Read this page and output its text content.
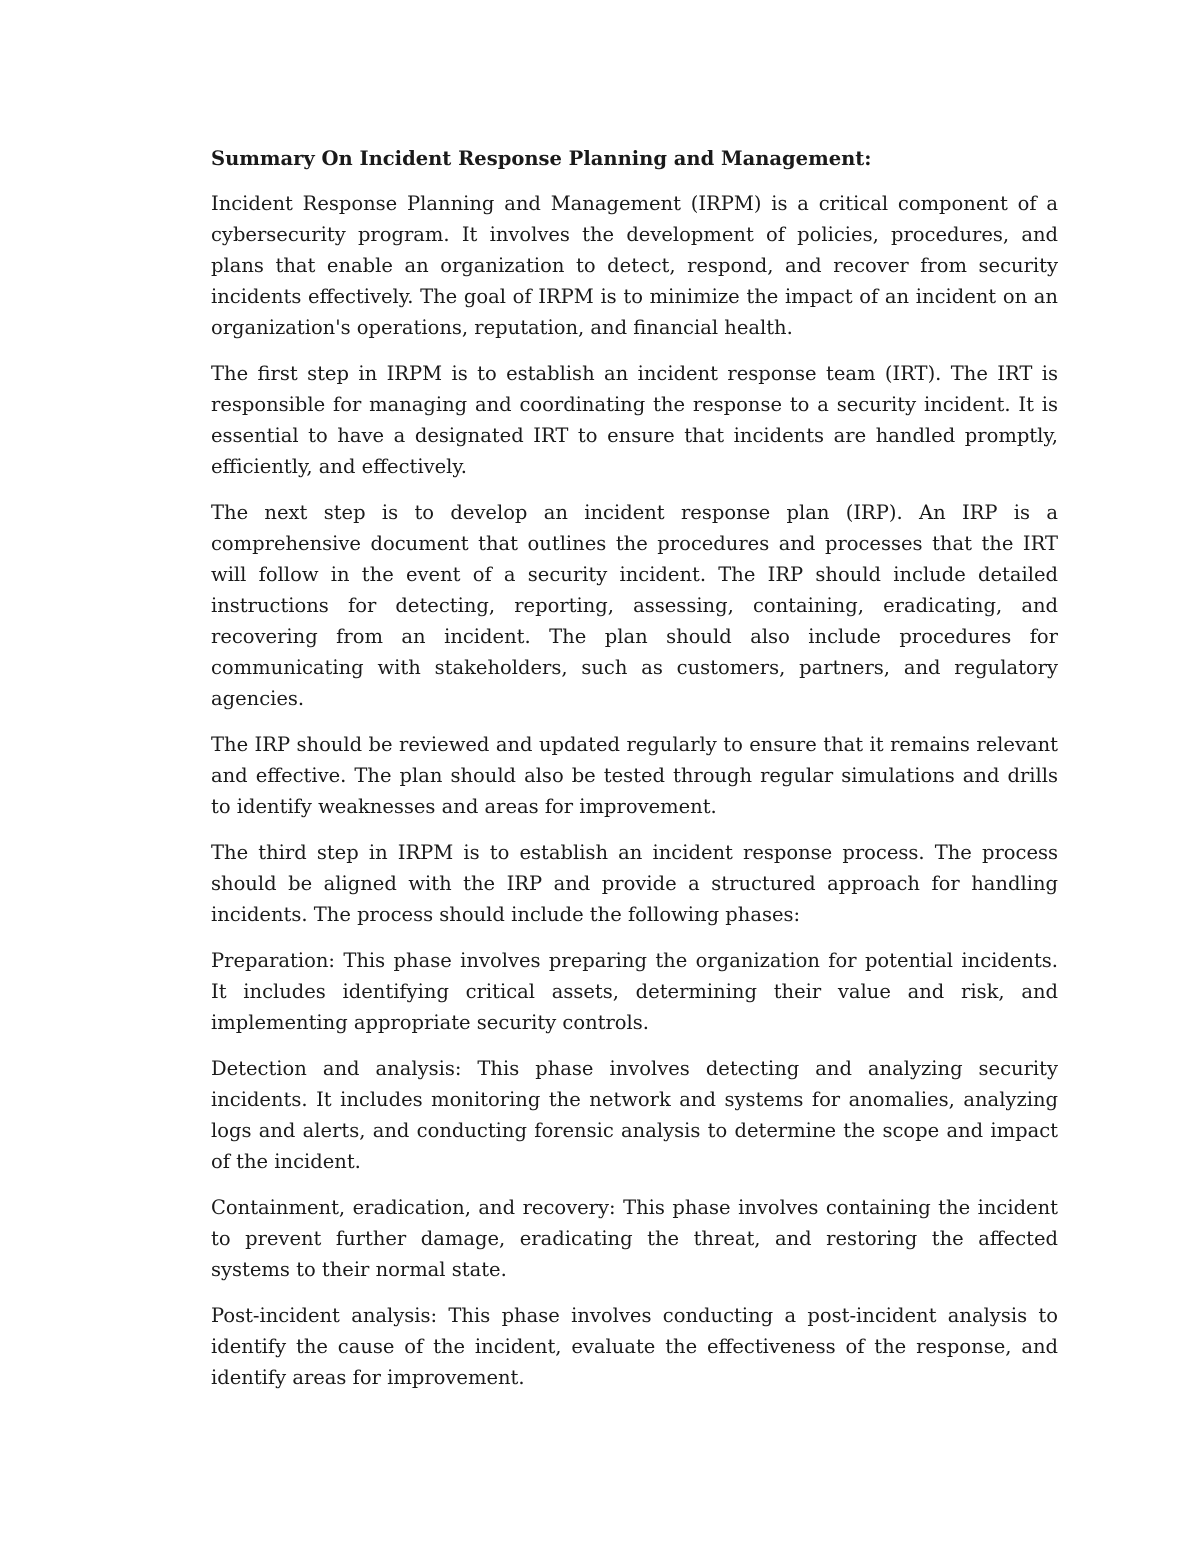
Summary On Incident Response Planning and Management:

Incident Response Planning and Management (IRPM) is a critical component of a cybersecurity program. It involves the development of policies, procedures, and plans that enable an organization to detect, respond, and recover from security incidents effectively. The goal of IRPM is to minimize the impact of an incident on an organization's operations, reputation, and financial health.

The first step in IRPM is to establish an incident response team (IRT). The IRT is responsible for managing and coordinating the response to a security incident. It is essential to have a designated IRT to ensure that incidents are handled promptly, efficiently, and effectively.

The next step is to develop an incident response plan (IRP). An IRP is a comprehensive document that outlines the procedures and processes that the IRT will follow in the event of a security incident. The IRP should include detailed instructions for detecting, reporting, assessing, containing, eradicating, and recovering from an incident. The plan should also include procedures for communicating with stakeholders, such as customers, partners, and regulatory agencies.

The IRP should be reviewed and updated regularly to ensure that it remains relevant and effective. The plan should also be tested through regular simulations and drills to identify weaknesses and areas for improvement.

The third step in IRPM is to establish an incident response process. The process should be aligned with the IRP and provide a structured approach for handling incidents. The process should include the following phases:

Preparation: This phase involves preparing the organization for potential incidents. It includes identifying critical assets, determining their value and risk, and implementing appropriate security controls.

Detection and analysis: This phase involves detecting and analyzing security incidents. It includes monitoring the network and systems for anomalies, analyzing logs and alerts, and conducting forensic analysis to determine the scope and impact of the incident.

Containment, eradication, and recovery: This phase involves containing the incident to prevent further damage, eradicating the threat, and restoring the affected systems to their normal state.

Post-incident analysis: This phase involves conducting a post-incident analysis to identify the cause of the incident, evaluate the effectiveness of the response, and identify areas for improvement.
